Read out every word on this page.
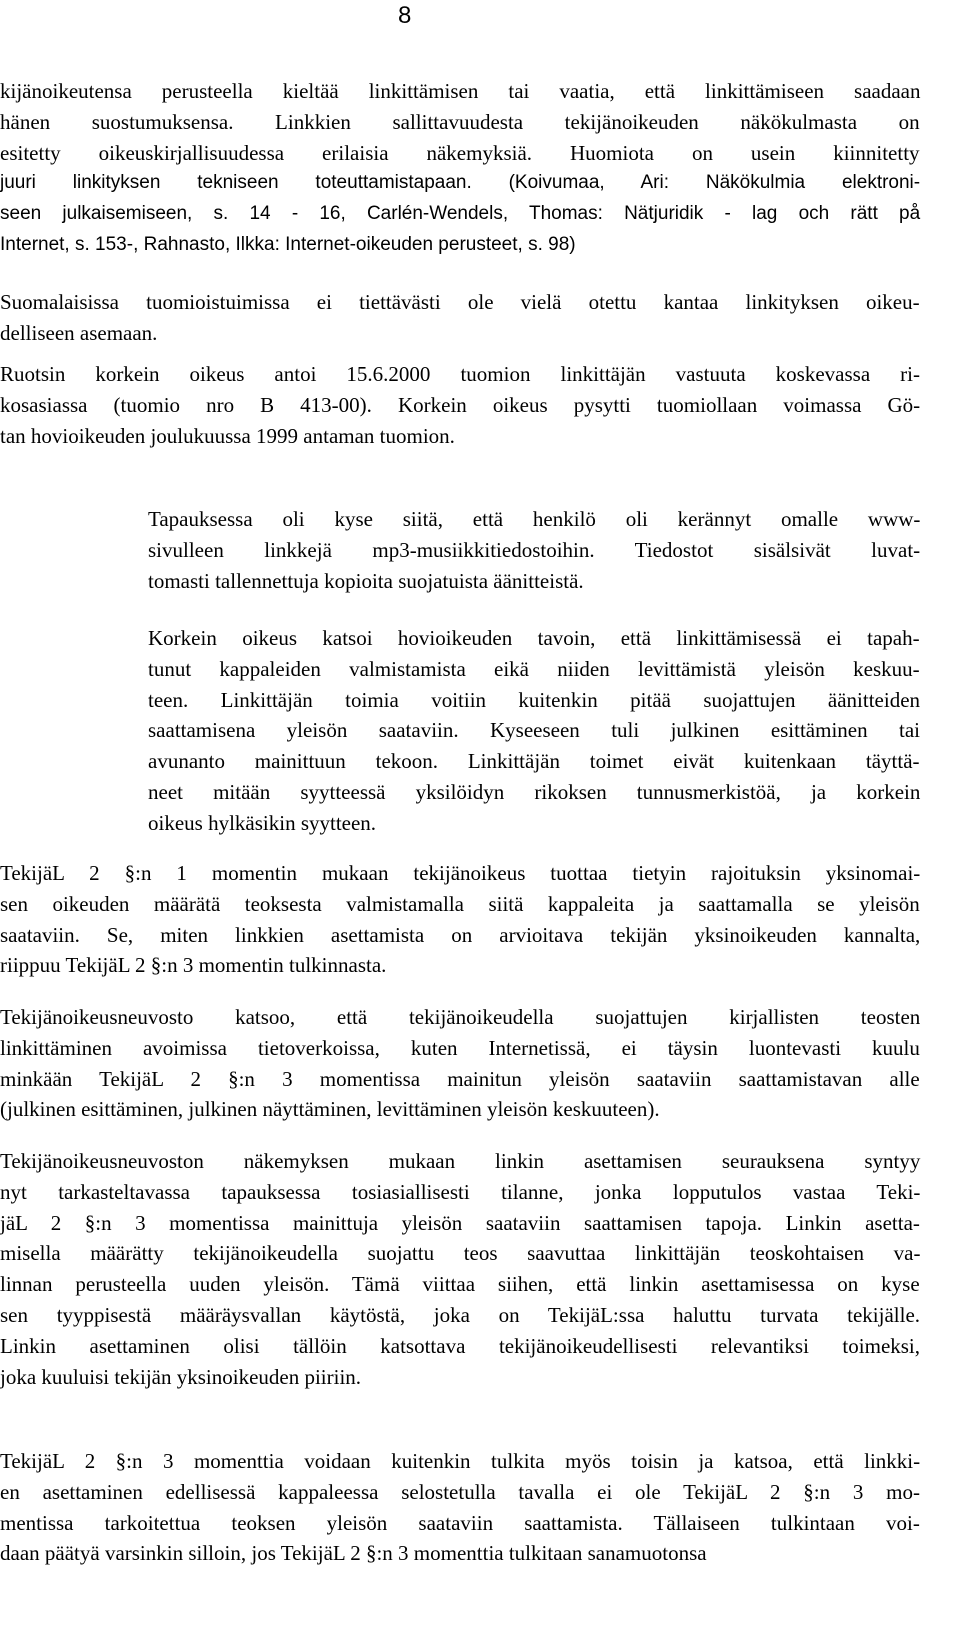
8
kijänoikeutensa perusteella kieltää linkittämisen tai vaatia, että linkittämiseen saadaan
hänen suostumuksensa. Linkkien sallittavuudesta tekijänoikeuden näkökulmasta on
esitetty oikeuskirjallisuudessa erilaisia näkemyksiä. Huomiota on usein kiinnitetty
juuri linkityksen tekniseen toteuttamistapaan. (Koivumaa, Ari: Näkökulmia elektroni-
seen julkaisemiseen, s. 14 - 16, Carlén-Wendels, Thomas: Nätjuridik - lag och rätt på
Internet, s. 153-, Rahnasto, Ilkka: Internet-oikeuden perusteet, s. 98)
Suomalaisissa tuomioistuimissa ei tiettävästi ole vielä otettu kantaa linkityksen oikeu-
delliseen asemaan.
Ruotsin korkein oikeus antoi 15.6.2000 tuomion linkittäjän vastuuta koskevassa ri-
kosasiassa (tuomio nro B 413-00). Korkein oikeus pysytti tuomiollaan voimassa Gö-
tan hovioikeuden joulukuussa 1999 antaman tuomion.
Tapauksessa oli kyse siitä, että henkilö oli kerännyt omalle www-
sivulleen linkkejä mp3-musiikkitiedostoihin. Tiedostot sisälsivät luvat-
tomasti tallennettuja kopioita suojatuista äänitteistä.
Korkein oikeus katsoi hovioikeuden tavoin, että linkittämisessä ei tapah-
tunut kappaleiden valmistamista eikä niiden levittämistä yleisön keskuu-
teen. Linkittäjän toimia voitiin kuitenkin pitää suojattujen äänitteiden
saattamisena yleisön saataviin. Kyseeseen tuli julkinen esittäminen tai
avunanto mainittuun tekoon. Linkittäjän toimet eivät kuitenkaan täyttä-
neet mitään syytteessä yksilöidyn rikoksen tunnusmerkistöä, ja korkein
oikeus hylkäsikin syytteen.
TekijäL 2 §:n 1 momentin mukaan tekijänoikeus tuottaa tietyin rajoituksin yksinomai-
sen oikeuden määrätä teoksesta valmistamalla siitä kappaleita ja saattamalla se yleisön
saataviin. Se, miten linkkien asettamista on arvioitava tekijän yksinoikeuden kannalta,
riippuu TekijäL 2 §:n 3 momentin tulkinnasta.
Tekijänoikeusneuvosto katsoo, että tekijänoikeudella suojattujen kirjallisten teosten
linkittäminen avoimissa tietoverkoissa, kuten Internetissä, ei täysin luontevasti kuulu
minkään TekijäL 2 §:n 3 momentissa mainitun yleisön saataviin saattamistavan alle
(julkinen esittäminen, julkinen näyttäminen, levittäminen yleisön keskuuteen).
Tekijänoikeusneuvoston näkemyksen mukaan linkin asettamisen seurauksena syntyy
nyt tarkasteltavassa tapauksessa tosiasiallisesti tilanne, jonka lopputulos vastaa Teki-
jäL 2 §:n 3 momentissa mainittuja yleisön saataviin saattamisen tapoja. Linkin asetta-
misella määrätty tekijänoikeudella suojattu teos saavuttaa linkittäjän teoskohtaisen va-
linnan perusteella uuden yleisön. Tämä viittaa siihen, että linkin asettamisessa on kyse
sen tyyppisestä määräysvallan käytöstä, joka on TekijäL:ssa haluttu turvata tekijälle.
Linkin asettaminen olisi tällöin katsottava tekijänoikeudellisesti relevantiksi toimeksi,
joka kuuluisi tekijän yksinoikeuden piiriin.
TekijäL 2 §:n 3 momenttia voidaan kuitenkin tulkita myös toisin ja katsoa, että linkki-
en asettaminen edellisessä kappaleessa selostetulla tavalla ei ole TekijäL 2 §:n 3 mo-
mentissa tarkoitettua teoksen yleisön saataviin saattamista. Tällaiseen tulkintaan voi-
daan päätyä varsinkin silloin, jos TekijäL 2 §:n 3 momenttia tulkitaan sanamuotonsa
